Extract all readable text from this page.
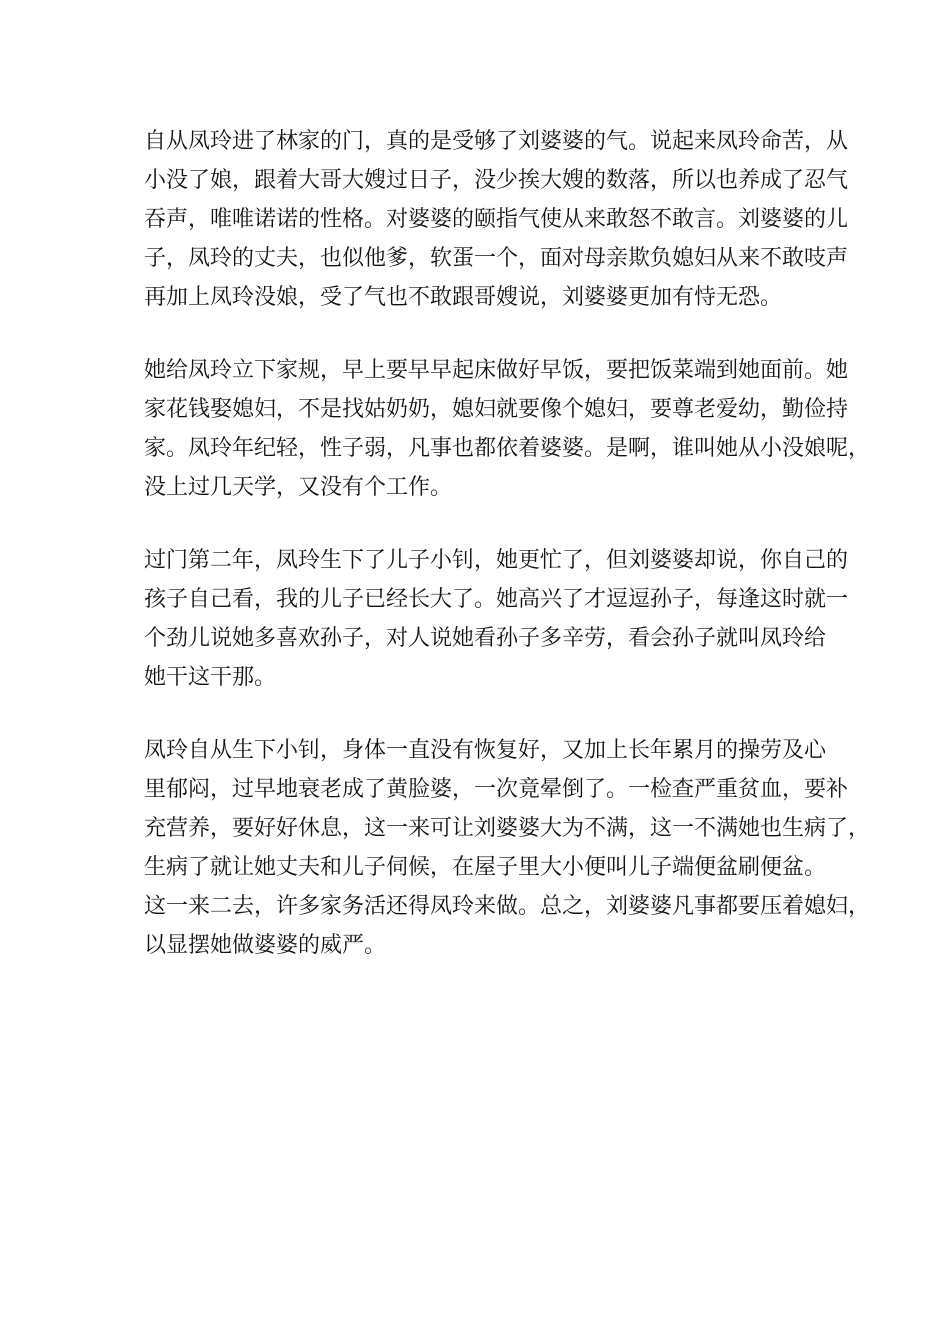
自从凤玲进了林家的门，真的是受够了刘婆婆的气。说起来凤玲命苦，从
小没了娘，跟着大哥大嫂过日子，没少挨大嫂的数落，所以也养成了忍气
吞声，唯唯诺诺的性格。对婆婆的颐指气使从来敢怒不敢言。刘婆婆的儿
子，凤玲的丈夫，也似他爹，软蛋一个，面对母亲欺负媳妇从来不敢吱声
再加上凤玲没娘，受了气也不敢跟哥嫂说，刘婆婆更加有恃无恐。
她给凤玲立下家规，早上要早早起床做好早饭，要把饭菜端到她面前。她
家花钱娶媳妇，不是找姑奶奶，媳妇就要像个媳妇，要尊老爱幼，勤俭持
家。凤玲年纪轻，性子弱，凡事也都依着婆婆。是啊，谁叫她从小没娘呢，
没上过几天学，又没有个工作。
过门第二年，凤玲生下了儿子小钊，她更忙了，但刘婆婆却说，你自己的
孩子自己看，我的儿子已经长大了。她高兴了才逗逗孙子，每逢这时就一
个劲儿说她多喜欢孙子，对人说她看孙子多辛劳，看会孙子就叫凤玲给
她干这干那。
凤玲自从生下小钊，身体一直没有恢复好，又加上长年累月的操劳及心
里郁闷，过早地衰老成了黄脸婆，一次竟晕倒了。一检查严重贫血，要补
充营养，要好好休息，这一来可让刘婆婆大为不满，这一不满她也生病了，
生病了就让她丈夫和儿子伺候，在屋子里大小便叫儿子端便盆刷便盆。
这一来二去，许多家务活还得凤玲来做。总之，刘婆婆凡事都要压着媳妇，
以显摆她做婆婆的威严。
